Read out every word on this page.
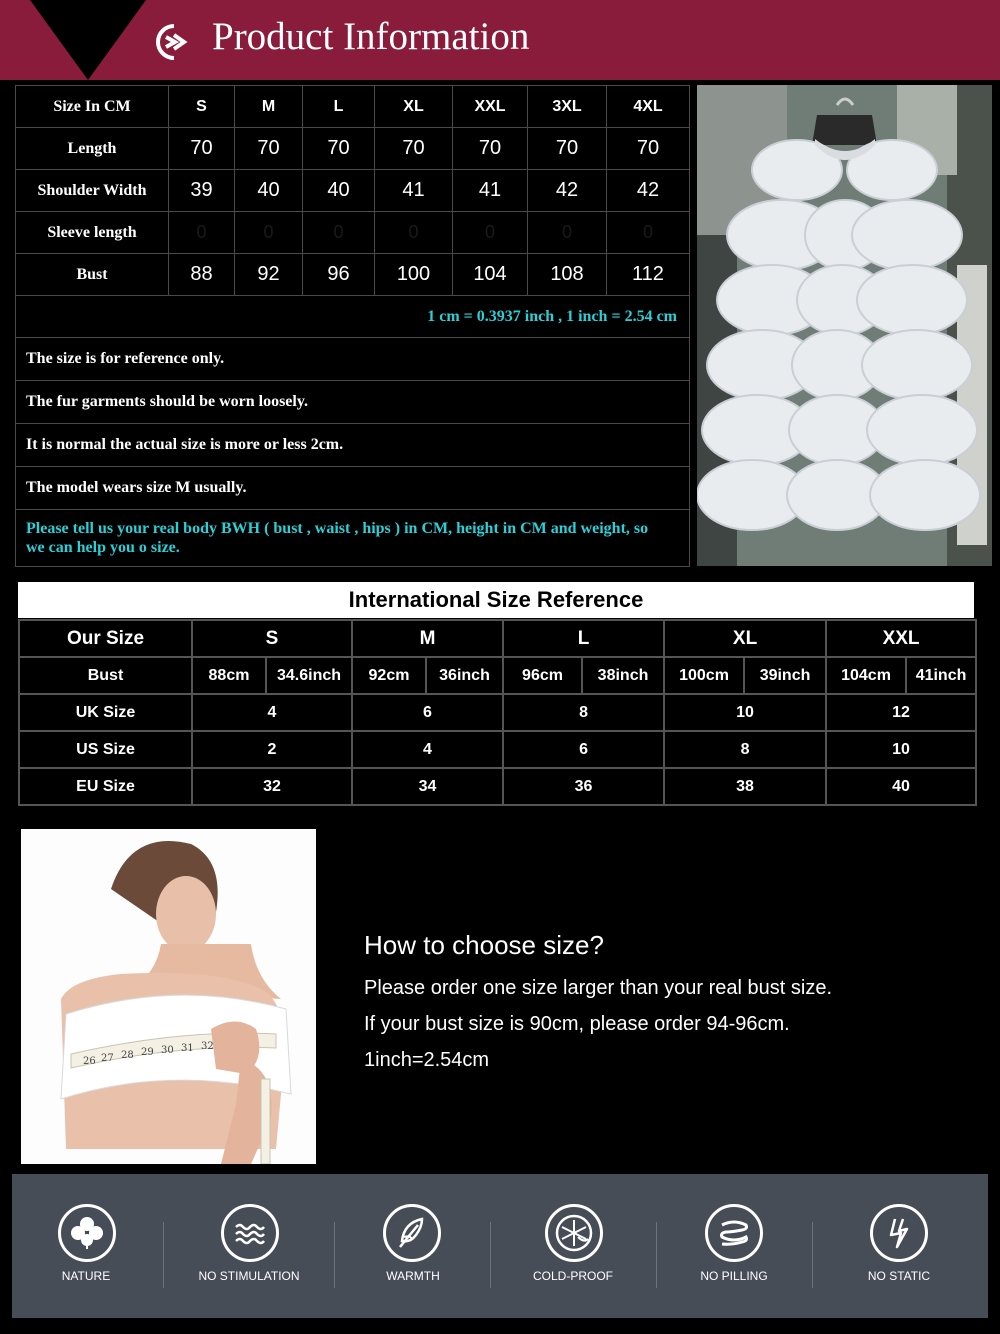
Product Information
Size In CM	S	M	L	XL	XXL	3XL	4XL
Length	70	70	70	70	70	70	70
Shoulder Width	39	40	40	41	41	42	42
Sleeve length	0	0	0	0	0	0	0
Bust	88	92	96	100	104	108	112
1 cm = 0.3937 inch , 1 inch = 2.54 cm							
The size is for reference only.							
The fur garments should be worn loosely.							
It is normal the actual size is more or less 2cm.							
The model wears size M usually.							
Please tell us your real body BWH ( bust , waist , hips ) in CM, height in CM and weight, so we can help you o size.							
International Size Reference
Our Size	S		M		L		XL		XXL	
Bust	88cm	34.6inch	92cm	36inch	96cm	38inch	100cm	39inch	104cm	41inch
UK Size	4		6		8		10		12	
US Size	2		4		6		8		10	
EU Size	32		34		36		38		40	
26 27 28 29 30 31 32
How to choose size?
Please order one size larger than your real bust size.
If your bust size is 90cm, please order 94-96cm.
1inch=2.54cm
NATURE	NO STIMULATION	WARMTH	COLD-PROOF	NO PILLING	NO STATIC
